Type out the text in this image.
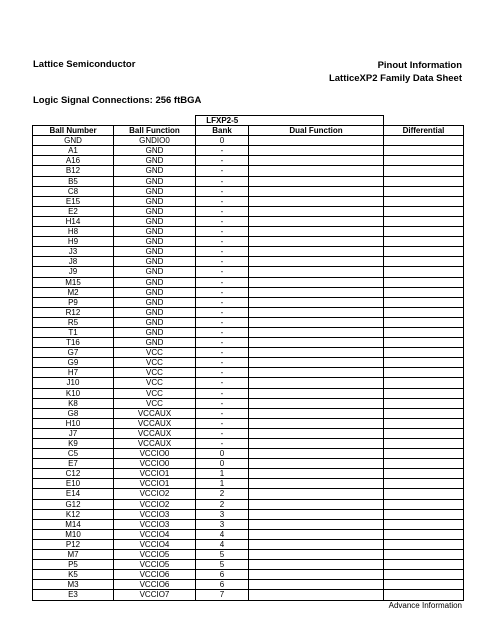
Lattice Semiconductor	Pinout Information
LatticeXP2 Family Data Sheet
Logic Signal Connections: 256 ftBGA
		LFXP2-5		
Ball Number	Ball Function	Bank	Dual Function	Differential
GND	GNDIO0	0		
A1	GND	-		
A16	GND	-		
B12	GND	-		
B5	GND	-		
C8	GND	-		
E15	GND	-		
E2	GND	-		
H14	GND	-		
H8	GND	-		
H9	GND	-		
J3	GND	-		
J8	GND	-		
J9	GND	-		
M15	GND	-		
M2	GND	-		
P9	GND	-		
R12	GND	-		
R5	GND	-		
T1	GND	-		
T16	GND	-		
G7	VCC	-		
G9	VCC	-		
H7	VCC	-		
J10	VCC	-		
K10	VCC	-		
K8	VCC	-		
G8	VCCAUX	-		
H10	VCCAUX	-		
J7	VCCAUX	-		
K9	VCCAUX	-		
C5	VCCIO0	0		
E7	VCCIO0	0		
C12	VCCIO1	1		
E10	VCCIO1	1		
E14	VCCIO2	2		
G12	VCCIO2	2		
K12	VCCIO3	3		
M14	VCCIO3	3		
M10	VCCIO4	4		
P12	VCCIO4	4		
M7	VCCIO5	5		
P5	VCCIO5	5		
K5	VCCIO6	6		
M3	VCCIO6	6		
E3	VCCIO7	7		
Advance Information
